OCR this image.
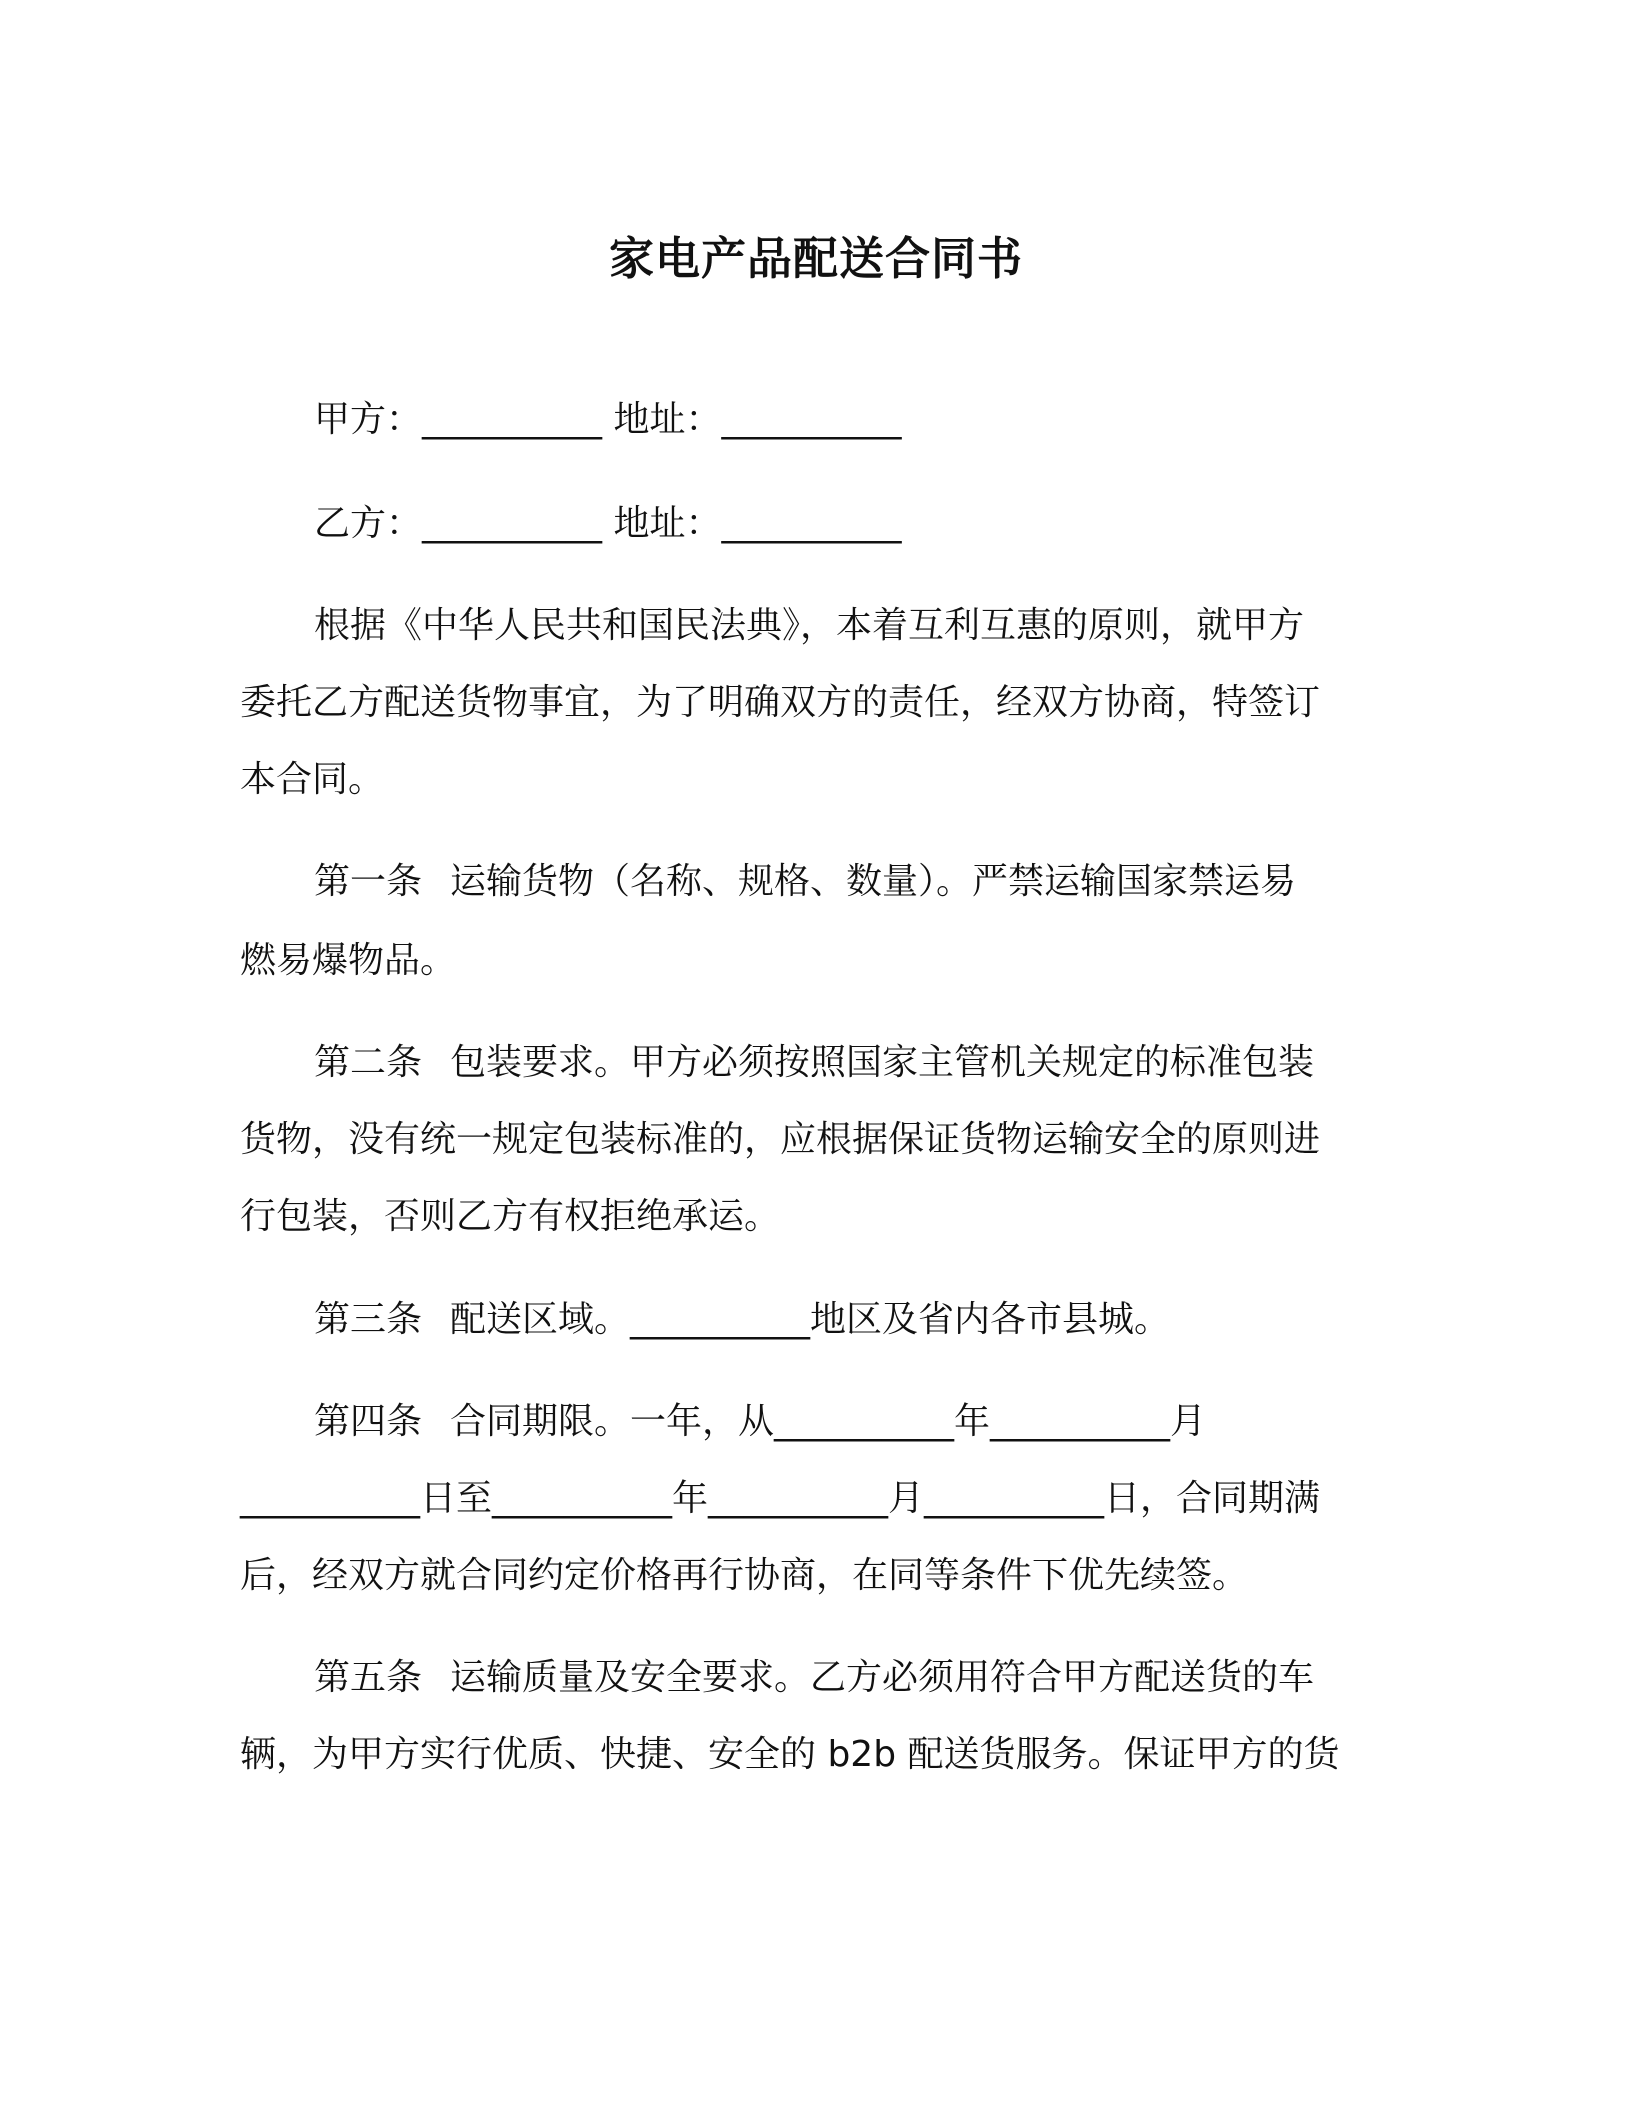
家电产品配送合同书
甲方：__________ 地址：__________
乙方：__________ 地址：__________
根据《中华人民共和国民法典》，本着互利互惠的原则，就甲方
委托乙方配送货物事宜，为了明确双方的责任，经双方协商，特签订
本合同。
第一条 运输货物（名称、规格、数量）。严禁运输国家禁运易
燃易爆物品。
第二条 包装要求。甲方必须按照国家主管机关规定的标准包装
货物，没有统一规定包装标准的，应根据保证货物运输安全的原则进
行包装，否则乙方有权拒绝承运。
第三条 配送区域。__________地区及省内各市县城。
第四条 合同期限。一年，从__________年__________月
__________日至__________年__________月__________日，合同期满
后，经双方就合同约定价格再行协商，在同等条件下优先续签。
第五条 运输质量及安全要求。乙方必须用符合甲方配送货的车
辆，为甲方实行优质、快捷、安全的 b2b 配送货服务。保证甲方的货
